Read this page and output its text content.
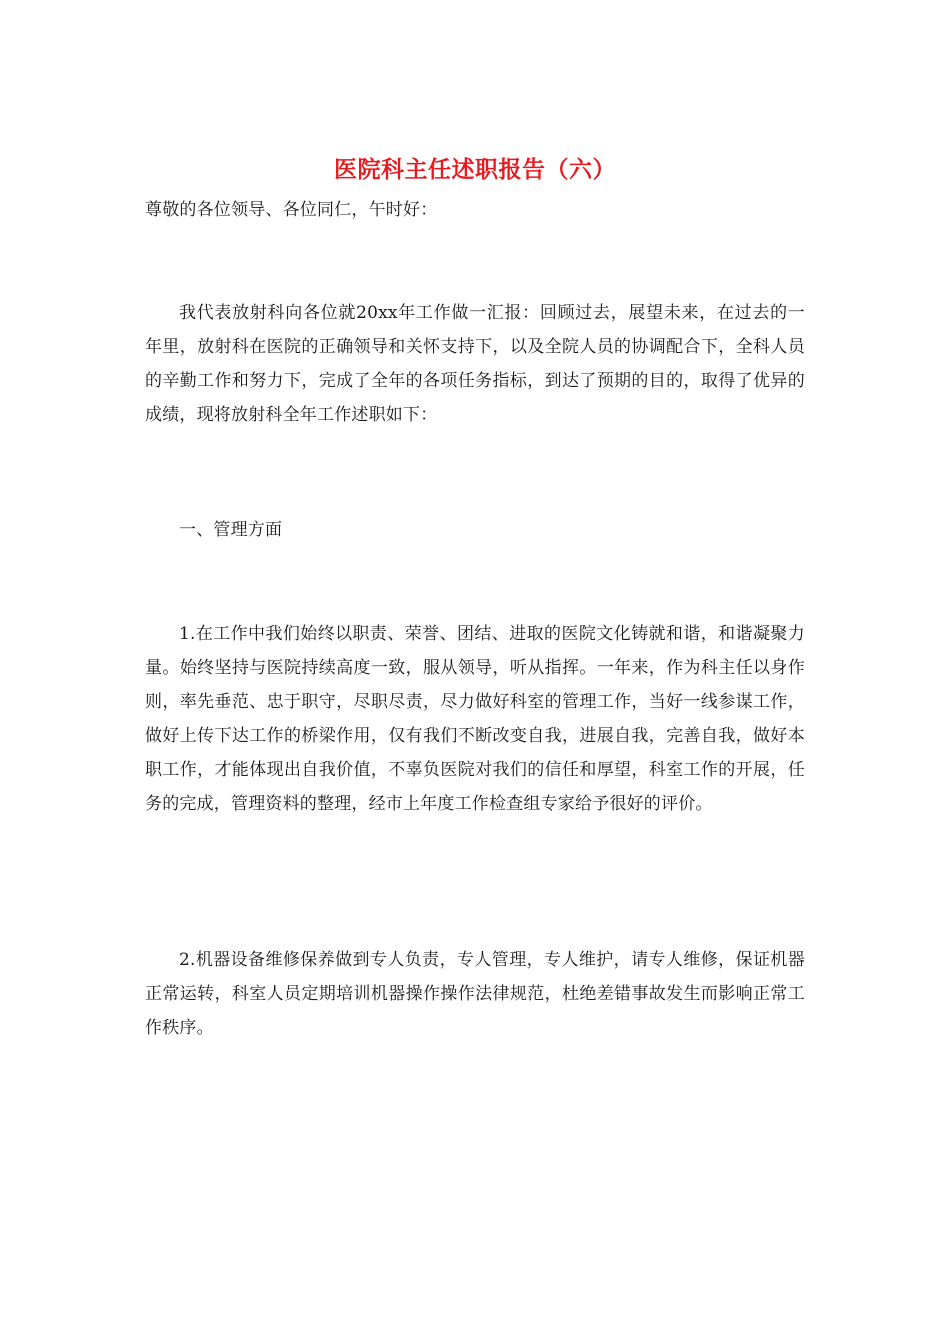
医院科主任述职报告（六）
尊敬的各位领导、各位同仁，午时好：
我代表放射科向各位就20xx年工作做一汇报：回顾过去，展望未来，在过去的一年里，放射科在医院的正确领导和关怀支持下，以及全院人员的协调配合下，全科人员的辛勤工作和努力下，完成了全年的各项任务指标，到达了预期的目的，取得了优异的成绩，现将放射科全年工作述职如下：
一、管理方面
1.在工作中我们始终以职责、荣誉、团结、进取的医院文化铸就和谐，和谐凝聚力量。始终坚持与医院持续高度一致，服从领导，听从指挥。一年来，作为科主任以身作则，率先垂范、忠于职守，尽职尽责，尽力做好科室的管理工作，当好一线参谋工作，做好上传下达工作的桥梁作用，仅有我们不断改变自我，进展自我，完善自我，做好本职工作，才能体现出自我价值，不辜负医院对我们的信任和厚望，科室工作的开展，任务的完成，管理资料的整理，经市上年度工作检查组专家给予很好的评价。
2.机器设备维修保养做到专人负责，专人管理，专人维护，请专人维修，保证机器正常运转，科室人员定期培训机器操作操作法律规范，杜绝差错事故发生而影响正常工作秩序。
